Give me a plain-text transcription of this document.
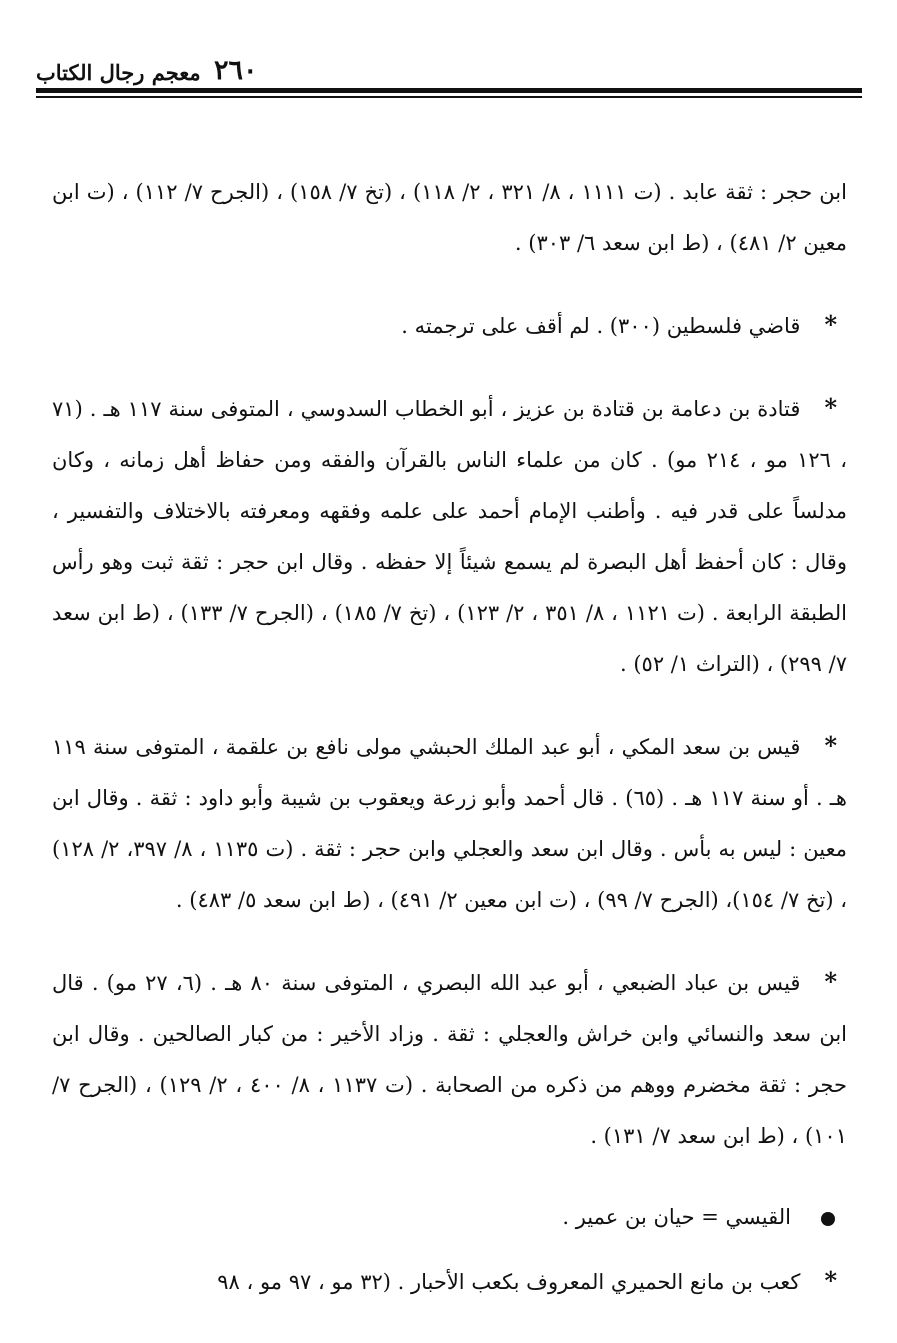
٢٦٠
معجم رجال الكتاب

ابن حجر : ثقة عابد . (ت ١١١١ ، ٨/ ٣٢١ ، ٢/ ١١٨) ، (تخ ٧/ ١٥٨) ، (الجرح ٧/ ١١٢) ، (ت ابن معين ٢/ ٤٨١) ، (ط ابن سعد ٦/ ٣٠٣) .

*قاضي فلسطين (٣٠٠) . لم أقف على ترجمته .

*قتادة بن دعامة بن قتادة بن عزيز ، أبو الخطاب السدوسي ، المتوفى سنة ١١٧ هـ . (٧١ ، ١٢٦ مو ، ٢١٤ مو) . كان من علماء الناس بالقرآن والفقه ومن حفاظ أهل زمانه ، وكان مدلساً على قدر فيه . وأطنب الإمام أحمد على علمه وفقهه ومعرفته بالاختلاف والتفسير ، وقال : كان أحفظ أهل البصرة لم يسمع شيئاً إلا حفظه . وقال ابن حجر : ثقة ثبت وهو رأس الطبقة الرابعة . (ت ١١٢١ ، ٨/ ٣٥١ ، ٢/ ١٢٣) ، (تخ ٧/ ١٨٥) ، (الجرح ٧/ ١٣٣) ، (ط ابن سعد ٧/ ٢٩٩) ، (التراث ١/ ٥٢) .

*قيس بن سعد المكي ، أبو عبد الملك الحبشي مولى نافع بن علقمة ، المتوفى سنة ١١٩ هـ . أو سنة ١١٧ هـ . (٦٥) . قال أحمد وأبو زرعة ويعقوب بن شيبة وأبو داود : ثقة . وقال ابن معين : ليس به بأس . وقال ابن سعد والعجلي وابن حجر : ثقة . (ت ١١٣٥ ، ٨/ ٣٩٧، ٢/ ١٢٨) ، (تخ ٧/ ١٥٤)، (الجرح ٧/ ٩٩) ، (ت ابن معين ٢/ ٤٩١) ، (ط ابن سعد ٥/ ٤٨٣) .

*قيس بن عباد الضبعي ، أبو عبد الله البصري ، المتوفى سنة ٨٠ هـ . (٦، ٢٧ مو) . قال ابن سعد والنسائي وابن خراش والعجلي : ثقة . وزاد الأخير : من كبار الصالحين . وقال ابن حجر : ثقة مخضرم ووهم من ذكره من الصحابة . (ت ١١٣٧ ، ٨/ ٤٠٠ ، ٢/ ١٢٩) ، (الجرح ٧/ ١٠١) ، (ط ابن سعد ٧/ ١٣١) .

القيسي = حيان بن عمير .

*كعب بن مانع الحميري المعروف بكعب الأحبار . (٣٢ مو ، ٩٧ مو ، ٩٨
